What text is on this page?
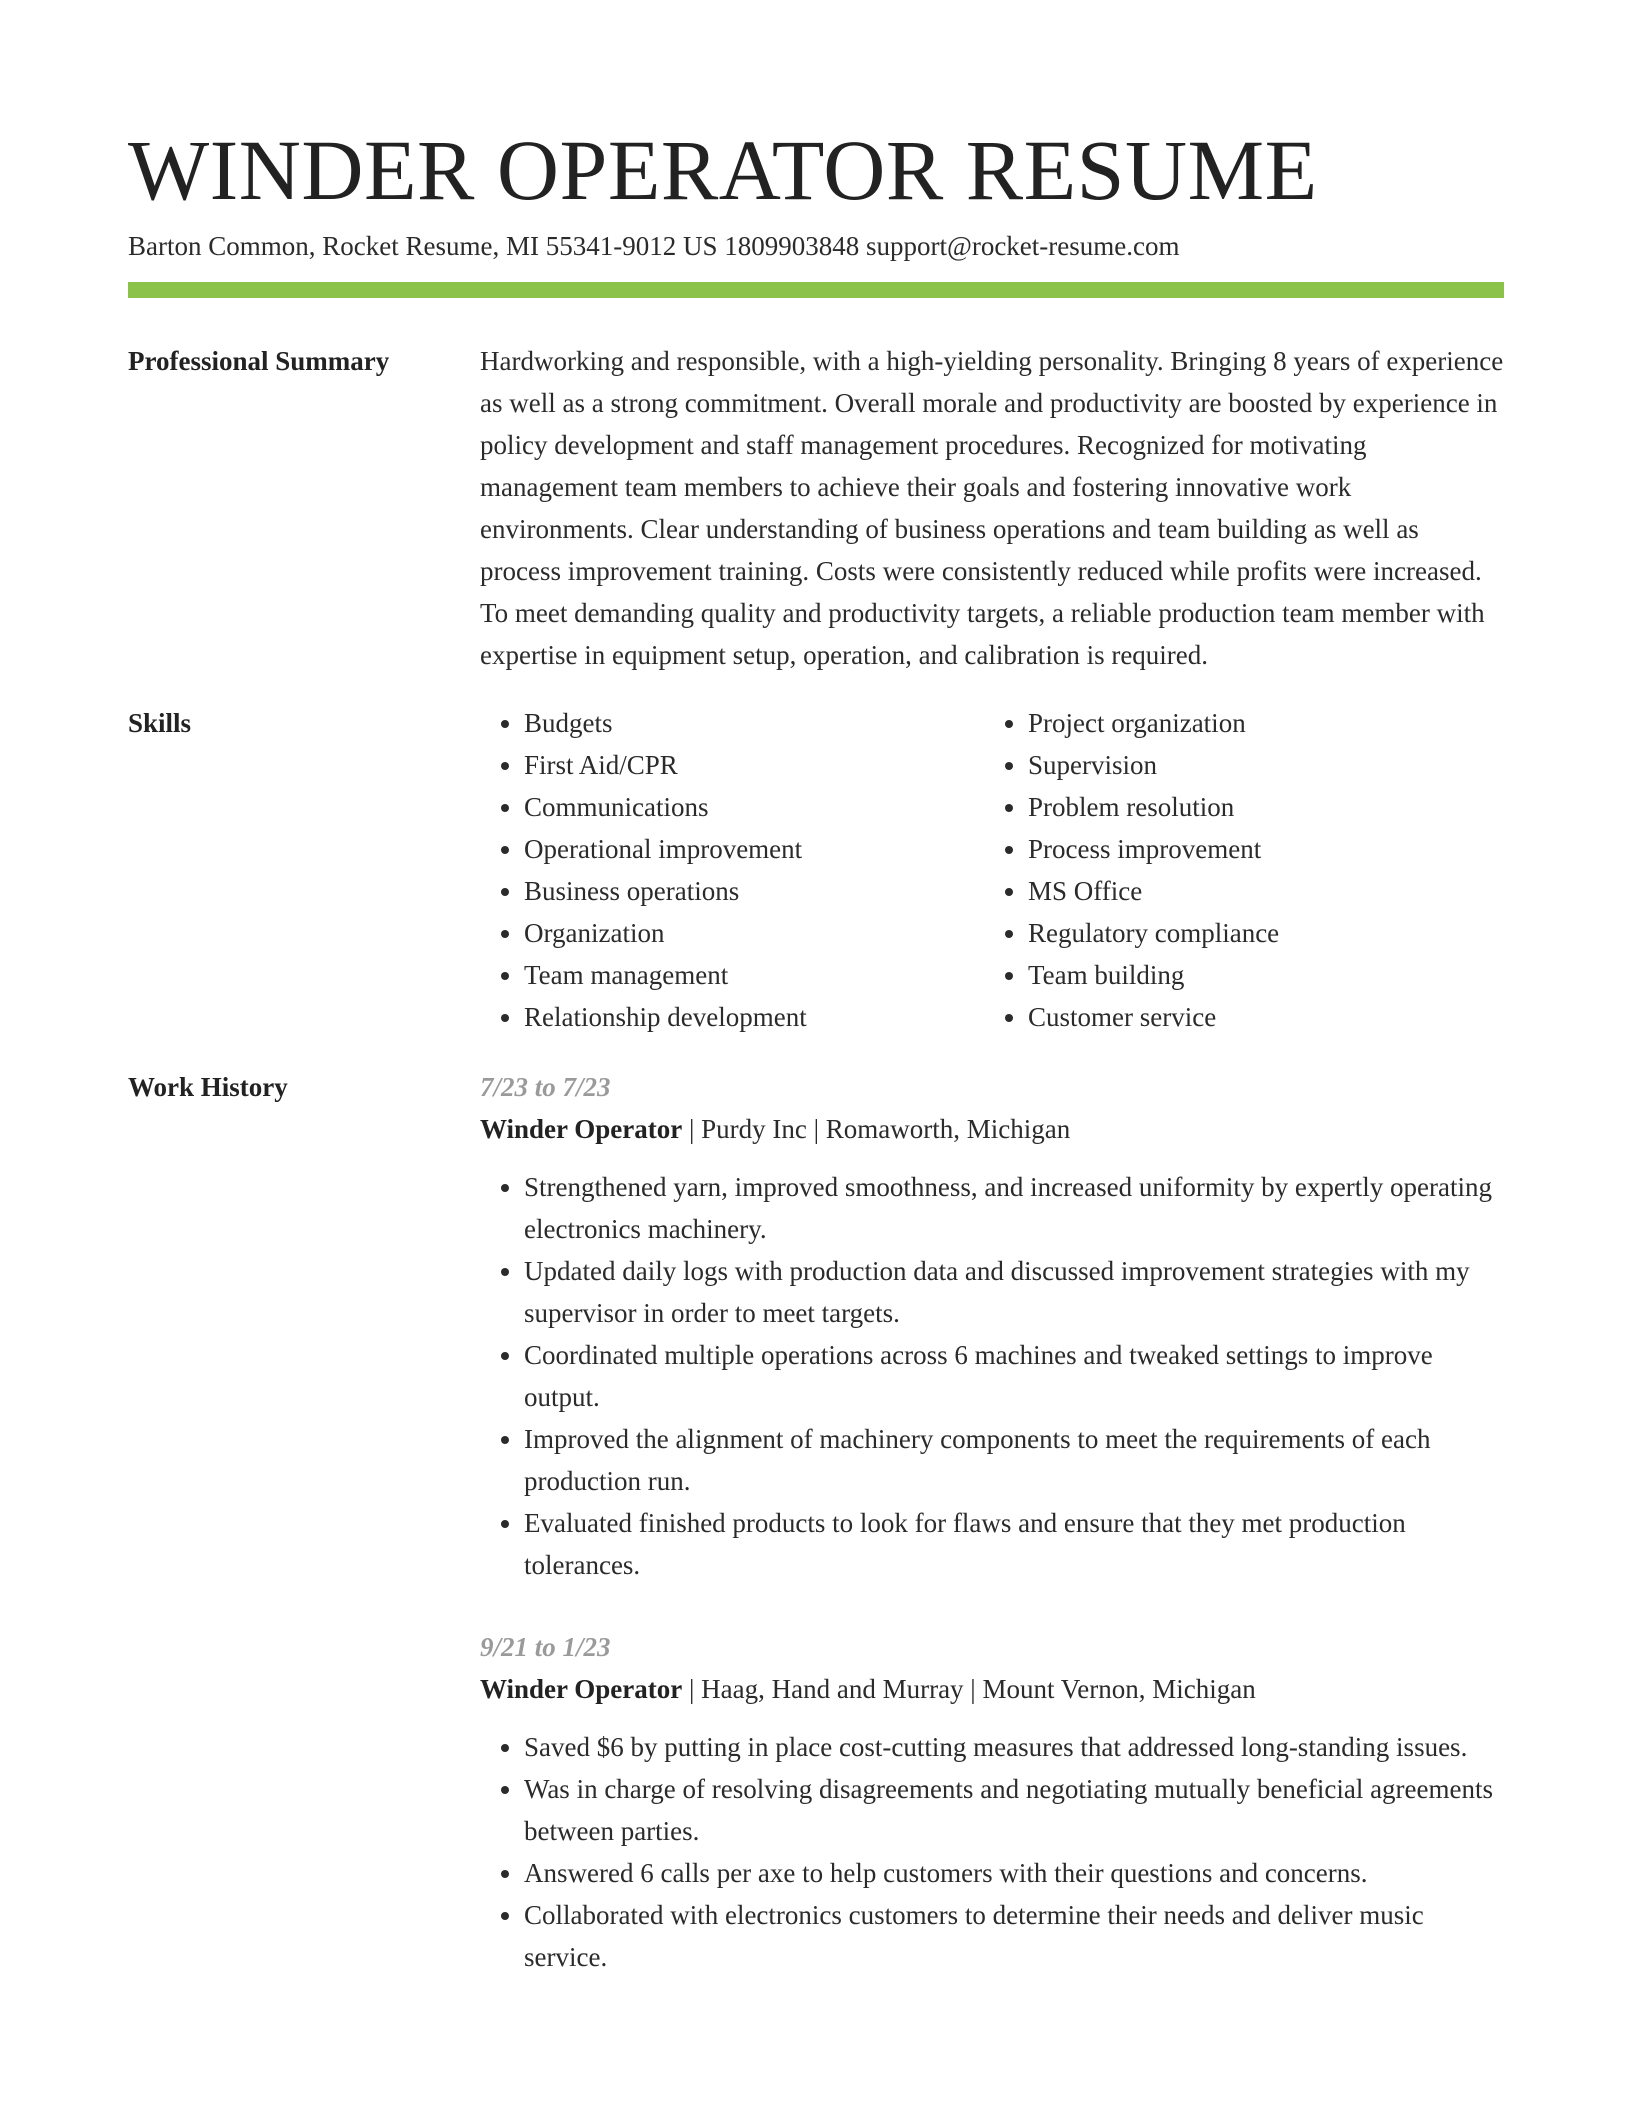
WINDER OPERATOR RESUME
Barton Common, Rocket Resume, MI 55341-9012 US 1809903848 support@rocket-resume.com
Professional Summary	Hardworking and responsible, with a high-yielding personality. Bringing 8 years of experience as well as a strong commitment. Overall morale and productivity are boosted by experience in policy development and staff management procedures. Recognized for motivating management team members to achieve their goals and fostering innovative work environments. Clear understanding of business operations and team building as well as process improvement training. Costs were consistently reduced while profits were increased. To meet demanding quality and productivity targets, a reliable production team member with expertise in equipment setup, operation, and calibration is required.

Skills
•	Budgets
• First Aid/CPR
• Communications
• Operational improvement
• Business operations
• Organization
• Team management
• Relationship development
• Project organization
• Supervision
• Problem resolution
• Process improvement
• MS Office
• Regulatory compliance
• Team building
• Customer service
Work History	7/23 to 7/23
Winder Operator | Purdy Inc | Romaworth, Michigan
• Strengthened yarn, improved smoothness, and increased uniformity by expertly operating electronics machinery.
• Updated daily logs with production data and discussed improvement strategies with my supervisor in order to meet targets.
• Coordinated multiple operations across 6 machines and tweaked settings to improve output.
• Improved the alignment of machinery components to meet the requirements of each production run.
• Evaluated finished products to look for flaws and ensure that they met production tolerances.
9/21 to 1/23
Winder Operator | Haag, Hand and Murray | Mount Vernon, Michigan
• Saved $6 by putting in place cost-cutting measures that addressed long-standing issues.
• Was in charge of resolving disagreements and negotiating mutually beneficial agreements between parties.
• Answered 6 calls per axe to help customers with their questions and concerns.
• Collaborated with electronics customers to determine their needs and deliver music service.
